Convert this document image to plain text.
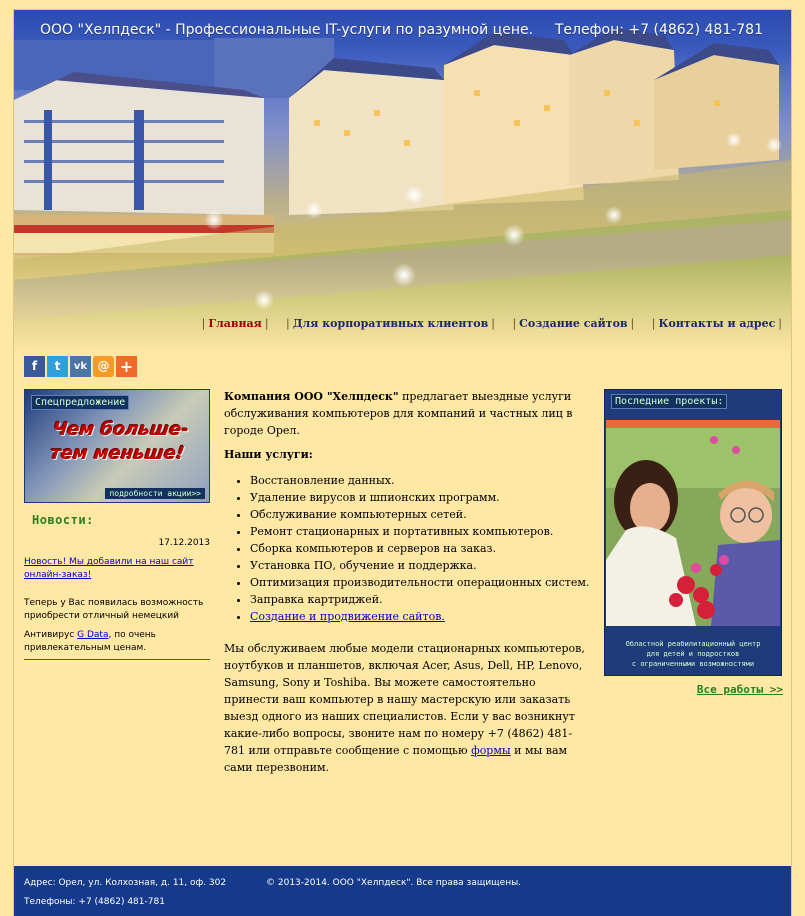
ООО "Хелпдеск" - Профессиональные IT-услуги по разумной цене. Телефон: +7 (4862) 481-781
| Главная | | Для корпоративных клиентов | | Создание сайтов | | Контакты и адрес |
f t vk @ +
Спецпредложение
Чем больше-
тем меньше!
подробности акции>>
Новости:
17.12.2013
Новость! Мы добавили на наш сайт онлайн-заказ!
Теперь у Вас появилась возможность приобрести отличный немецкий
Антивирус G Data, по очень привлекательным ценам.

Компания ООО "Хелпдеск" предлагает выездные услуги обслуживания компьютеров для компаний и частных лиц в городе Орел.

Наши услуги:

• Восстановление данных.
• Удаление вирусов и шпионских программ.
• Обслуживание компьютерных сетей.
• Ремонт стационарных и портативных компьютеров.
• Сборка компьютеров и серверов на заказ.
• Установка ПО, обучение и поддержка.
• Оптимизация производительности операционных систем.
• Заправка картриджей.
• Создание и продвижение сайтов.

Мы обслуживаем любые модели стационарных компьютеров, ноутбуков и планшетов, включая Acer, Asus, Dell, HP, Lenovo, Samsung, Sony и Toshiba. Вы можете самостоятельно принести ваш компьютер в нашу мастерскую или заказать выезд одного из наших специалистов. Если у вас возникнут какие-либо вопросы, звоните нам по номеру +7 (4862) 481-781 или отправьте сообщение с помощью формы и мы вам сами перезвоним.

Последние проекты:
Областной реабилитационный центр
для детей и подростков
с ограниченными возможностями
Все работы >>
Адрес: Орел, ул. Колхозная, д. 11, оф. 302	© 2013-2014. ООО "Хелпдеск". Все права защищены.
Телефоны: +7 (4862) 481-781
